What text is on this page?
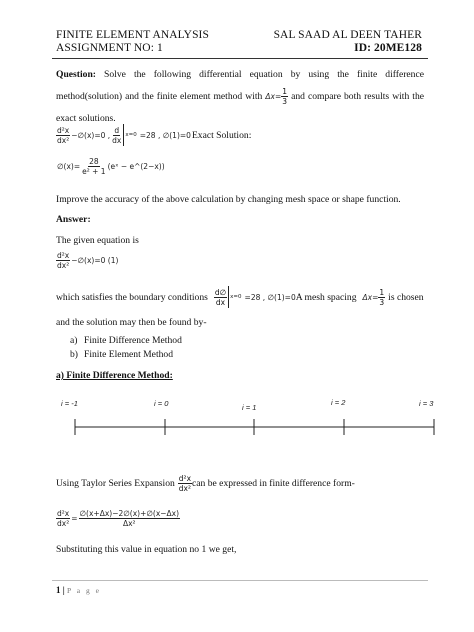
FINITE ELEMENT ANALYSIS	SAL SAAD AL DEEN TAHER
ASSIGNMENT NO: 1	ID: 20ME128
Question: Solve the following differential equation by using the finite difference method(solution) and the finite element method with $\Delta x= \frac{1}{3}$ and compare both results with the exact solutions.
$\frac{\text{d²x}}{\text{dx²}}$ −∅(x)=0 , $\frac{d}{dx} x=0 =28$ , ∅(1)=0 Exact Solution:
∅(x)= $\frac{28}{\text{e² + 1}}$ (eˣ − e^(2−x))
Improve the accuracy of the above calculation by changing mesh space or shape function.
Answer:
The given equation is
$\frac{\text{d²x}}{\text{dx²}}$ −∅(x)=0 (1)
which satisfies the boundary conditions $\frac{d\emptyset}{dx} x=0 =28$ , ∅(1)=0 A mesh spacing $\Delta x= \frac{1}{3}$ is chosen
and the solution may then be found by-
a) Finite Difference Method
b) Finite Element Method
a) Finite Difference Method:
i = -1	i = 0	i = 1
i = 2	i = 3
Using Taylor Series Expansion $\frac{\text{d²x}}{\text{dx²}}$ can be expressed in finite difference form-
$\frac{\text{d²x}}{\text{dx²}} = \frac{\emptyset(x+\Delta x)-2\emptyset(x)+\emptyset(x-\Delta x)}{\text{Δx²}}$
Substituting this value in equation no 1 we get,
1 | P a g e
